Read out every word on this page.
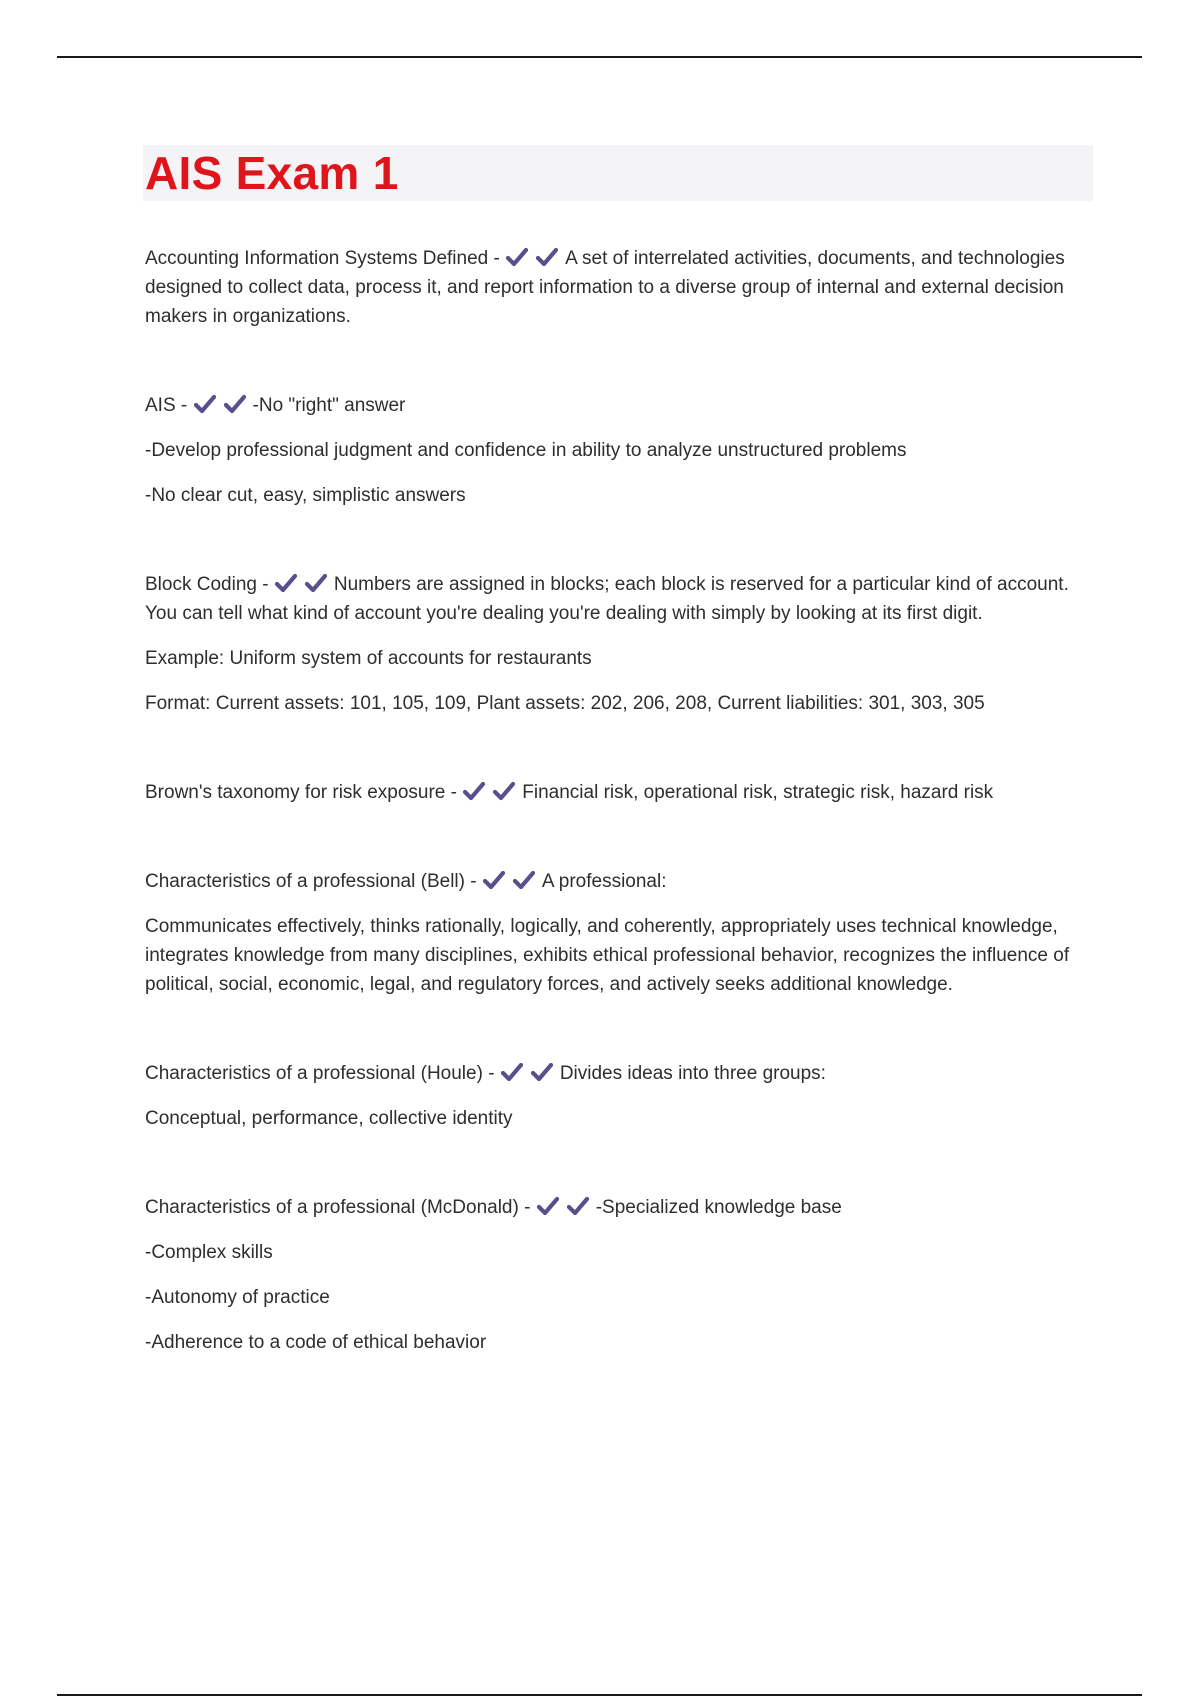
AIS Exam 1

Accounting Information Systems Defined -	A set of interrelated activities, documents, and technologies designed to collect data, process it, and report information to a diverse group of internal and external decision makers in organizations.

AIS -	-No "right" answer

-Develop professional judgment and confidence in ability to analyze unstructured problems

-No clear cut, easy, simplistic answers

Block Coding -	Numbers are assigned in blocks; each block is reserved for a particular kind of account. You can tell what kind of account you're dealing you're dealing with simply by looking at its first digit.

Example: Uniform system of accounts for restaurants

Format: Current assets: 101, 105, 109, Plant assets: 202, 206, 208, Current liabilities: 301, 303, 305

Brown's taxonomy for risk exposure -	Financial risk, operational risk, strategic risk, hazard risk

Characteristics of a professional (Bell) -	A professional:

Communicates effectively, thinks rationally, logically, and coherently, appropriately uses technical knowledge, integrates knowledge from many disciplines, exhibits ethical professional behavior, recognizes the influence of political, social, economic, legal, and regulatory forces, and actively seeks additional knowledge.

Characteristics of a professional (Houle) -	Divides ideas into three groups:

Conceptual, performance, collective identity

Characteristics of a professional (McDonald) -	-Specialized knowledge base

-Complex skills

-Autonomy of practice

-Adherence to a code of ethical behavior
